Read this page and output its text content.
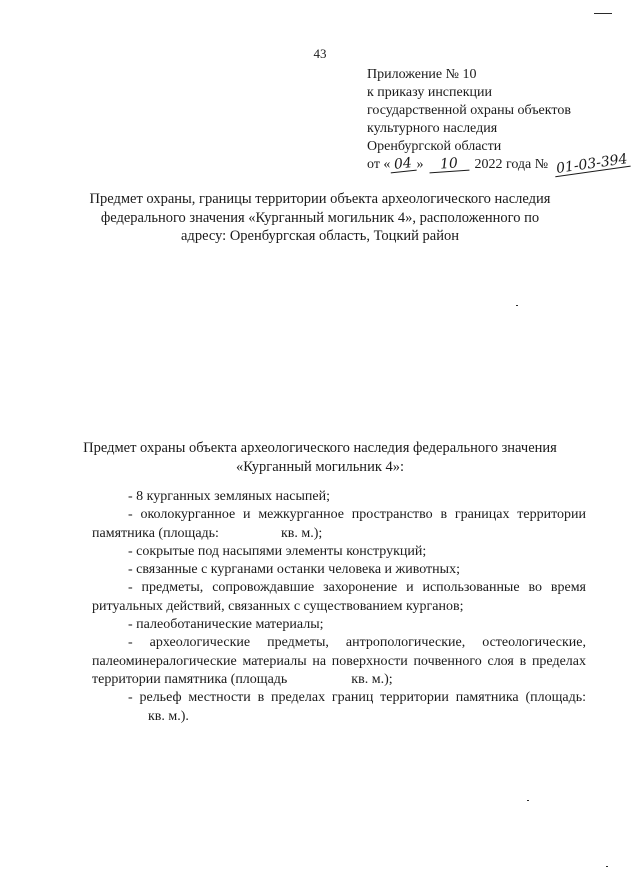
43
Приложение № 10
к приказу инспекции
государственной охраны объектов
культурного наследия
Оренбургской области
от « 04 » 10 2022 года № 01-03-394
Предмет охраны, границы территории объекта археологического наследия
федерального значения «Курганный могильник 4», расположенного по
адресу: Оренбургская область, Тоцкий район
Предмет охраны объекта археологического наследия федерального значения
«Курганный могильник 4»:

- 8 курганных земляных насыпей;

- околокурганное и межкурганное пространство в границах территории памятника (площадь:	кв. м.);

- сокрытые под насыпями элементы конструкций;

- связанные с курганами останки человека и животных;

- предметы, сопровождавшие захоронение и использованные во время ритуальных действий, связанных с существованием курганов;

- палеоботанические материалы;

- археологические предметы, антропологические, остеологические, палеоминералогические материалы на поверхности почвенного слоя в пределах территории памятника (площадь	кв. м.);

- рельеф местности в пределах границ территории памятника (площадь:кв. м.).
